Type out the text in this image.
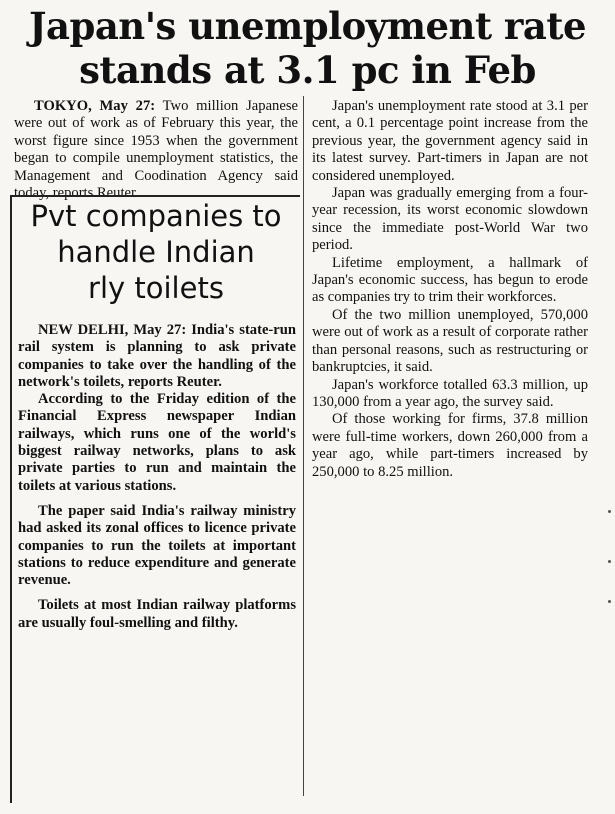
Japan's unemployment rate
stands at 3.1 pc in Feb

TOKYO, May 27: Two million Japanese were out of work as of February this year, the worst figure since 1953 when the government began to compile unemployment statistics, the Management and Coodination Agency said today, reports Reuter.

Pvt companies to
handle Indian
rly toilets

NEW DELHI, May 27: India's state-run rail system is planning to ask private companies to take over the handling of the network's toilets, reports Reuter.

According to the Friday edition of the Financial Express newspaper Indian railways, which runs one of the world's biggest railway networks, plans to ask private parties to run and maintain the toilets at various stations.

The paper said India's railway ministry had asked its zonal offices to licence private companies to run the toilets at important stations to reduce expenditure and generate revenue.

Toilets at most Indian railway platforms are usually foul-smelling and filthy.

Japan's unemployment rate stood at 3.1 per cent, a 0.1 percentage point increase from the previous year, the government agency said in its latest survey. Part-timers in Japan are not considered unemployed.

Japan was gradually emerging from a four-year recession, its worst economic slowdown since the immediate post-World War two period.

Lifetime employment, a hallmark of Japan's economic success, has begun to erode as companies try to trim their workforces.

Of the two million unemployed, 570,000 were out of work as a result of corporate rather than personal reasons, such as restructuring or bankruptcies, it said.

Japan's workforce totalled 63.3 million, up 130,000 from a year ago, the survey said.

Of those working for firms, 37.8 million were full-time workers, down 260,000 from a year ago, while part-timers increased by 250,000 to 8.25 million.
